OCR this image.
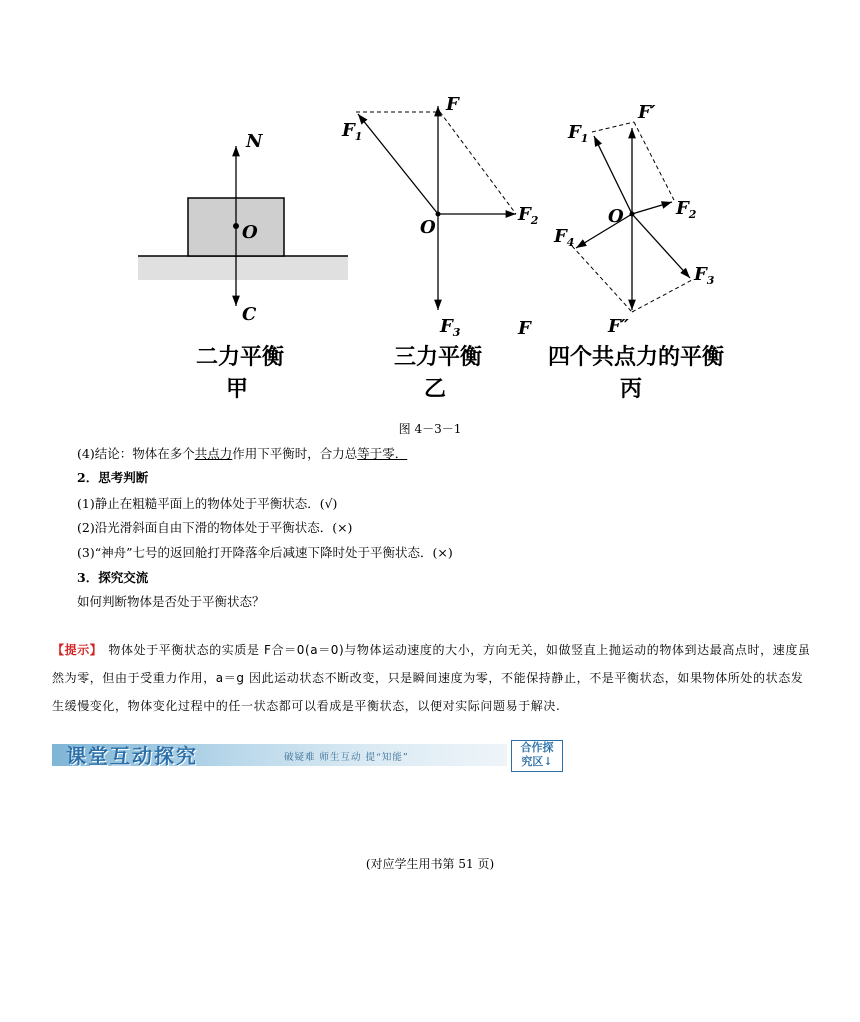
N
O
C
二力平衡
甲
F
$F_1$
$F_2$
O
$F_3$	F
三力平衡
乙
F′
$F_1$
$F_2$
$F_3$
$F_4$
O
F″
四个共点力的平衡
丙
图 4－3－1
(4)结论：物体在多个共点力作用下平衡时，合力总等于零．
2．思考判断
(1)静止在粗糙平面上的物体处于平衡状态．(√)
(2)沿光滑斜面自由下滑的物体处于平衡状态．(×)
(3)“神舟”七号的返回舱打开降落伞后减速下降时处于平衡状态．(×)
3．探究交流
如何判断物体是否处于平衡状态？
【提示】 物体处于平衡状态的实质是 F合＝0(a＝0)与物体运动速度的大小，方向无关，如做竖直上抛运动的物体到达最高点时，速度虽然为零，但由于受重力作用，a＝g 因此运动状态不断改变，只是瞬间速度为零，不能保持静止，不是平衡状态，如果物体所处的状态发生缓慢变化，物体变化过程中的任一状态都可以看成是平衡状态，以便对实际问题易于解决.
课堂互动探究	破疑难 师生互动 提“知能”
合作探
究区↓
(对应学生用书第 51 页)
